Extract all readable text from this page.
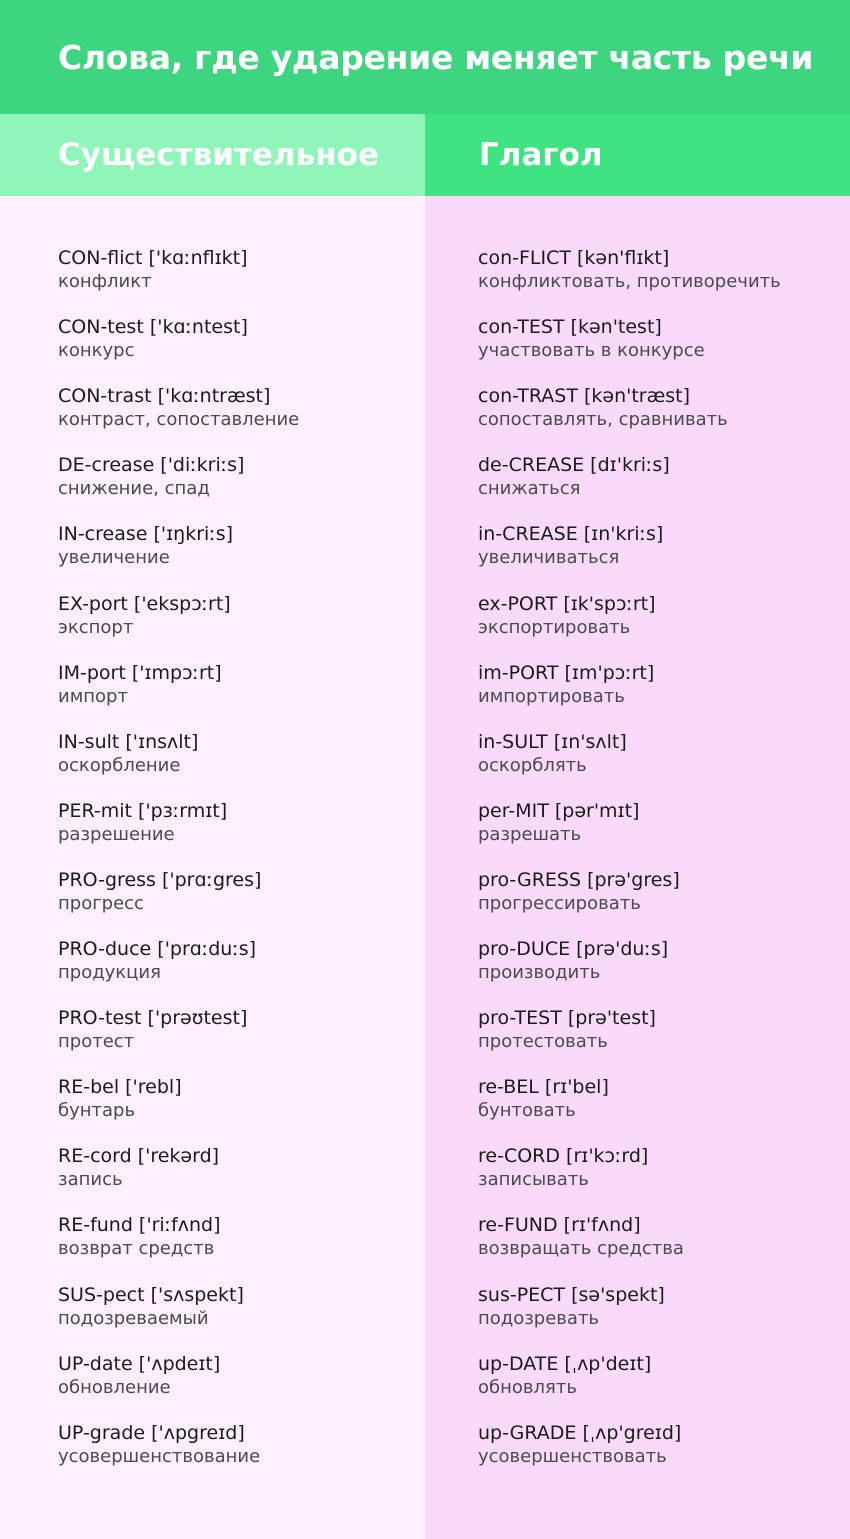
Слова, где ударение меняет часть речи
Существительное	Глагол
CON-flict ['kɑːnflɪkt]
конфликт
CON-test ['kɑːntest]
конкурс
CON-trast ['kɑːntræst]
контраст, сопоставление
DE-crease ['diːkriːs]
снижение, спад
IN-crease ['ɪŋkriːs]
увеличение
EX-port ['ekspɔːrt]
экспорт
IM-port ['ɪmpɔːrt]
импорт
IN-sult ['ɪnsʌlt]
оскорбление
PER-mit ['pɜːrmɪt]
разрешение
PRO-gress ['prɑːgres]
прогресс
PRO-duce ['prɑːduːs]
продукция
PRO-test ['prəʊtest]
протест
RE-bel ['rebl]
бунтарь
RE-cord ['rekərd]
запись
RE-fund ['riːfʌnd]
возврат средств
SUS-pect ['sʌspekt]
подозреваемый
UP-date ['ʌpdeɪt]
обновление
UP-grade ['ʌpgreɪd]
усовершенствование
con-FLICT [kən'flɪkt]
конфликтовать, противоречить
con-TEST [kən'test]
участвовать в конкурсе
con-TRAST [kən'træst]
сопоставлять, сравнивать
de-CREASE [dɪ'kriːs]
снижаться
in-CREASE [ɪn'kriːs]
увеличиваться
ex-PORT [ɪk'spɔːrt]
экспортировать
im-PORT [ɪm'pɔːrt]
импортировать
in-SULT [ɪn'sʌlt]
оскорблять
per-MIT [pər'mɪt]
разрешать
pro-GRESS [prə'gres]
прогрессировать
pro-DUCE [prə'duːs]
производить
pro-TEST [prə'test]
протестовать
re-BEL [rɪ'bel]
бунтовать
re-CORD [rɪ'kɔːrd]
записывать
re-FUND [rɪ'fʌnd]
возвращать средства
sus-PECT [sə'spekt]
подозревать
up-DATE [ˌʌp'deɪt]
обновлять
up-GRADE [ˌʌp'greɪd]
усовершенствовать
